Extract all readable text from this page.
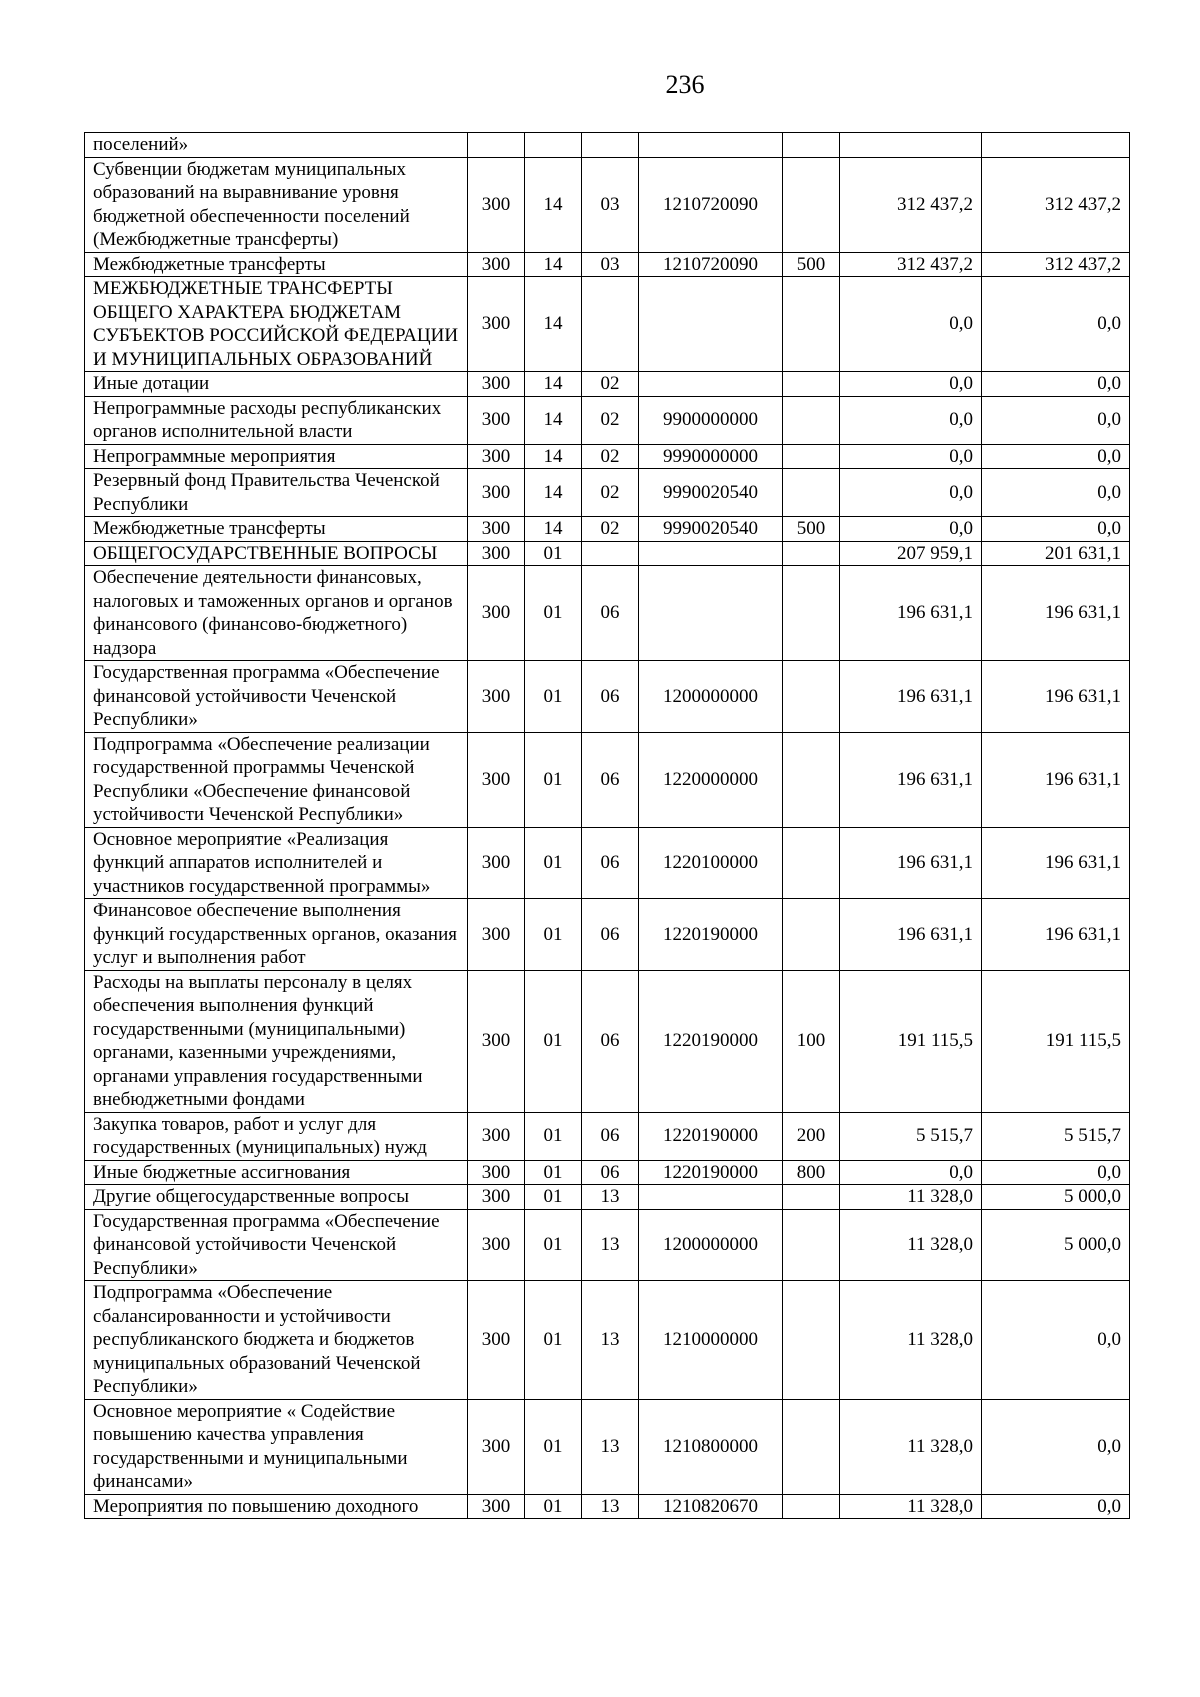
236
поселений»							
Субвенции бюджетам муниципальных образований на выравнивание уровня бюджетной обеспеченности поселений (Межбюджетные трансферты)	300	14	03	1210720090		312 437,2	312 437,2
Межбюджетные трансферты	300	14	03	1210720090	500	312 437,2	312 437,2
МЕЖБЮДЖЕТНЫЕ ТРАНСФЕРТЫ ОБЩЕГО ХАРАКТЕРА БЮДЖЕТАМ СУБЪЕКТОВ РОССИЙСКОЙ ФЕДЕРАЦИИ И МУНИЦИПАЛЬНЫХ ОБРАЗОВАНИЙ	300	14				0,0	0,0
Иные дотации	300	14	02			0,0	0,0
Непрограммные расходы республиканских органов исполнительной власти	300	14	02	9900000000		0,0	0,0
Непрограммные мероприятия	300	14	02	9990000000		0,0	0,0
Резервный фонд Правительства Чеченской Республики	300	14	02	9990020540		0,0	0,0
Межбюджетные трансферты	300	14	02	9990020540	500	0,0	0,0
ОБЩЕГОСУДАРСТВЕННЫЕ ВОПРОСЫ	300	01				207 959,1	201 631,1
Обеспечение деятельности финансовых, налоговых и таможенных органов и органов финансового (финансово-бюджетного) надзора	300	01	06			196 631,1	196 631,1
Государственная программа «Обеспечение финансовой устойчивости Чеченской Республики»	300	01	06	1200000000		196 631,1	196 631,1
Подпрограмма «Обеспечение реализации государственной программы Чеченской Республики «Обеспечение финансовой устойчивости Чеченской Республики»	300	01	06	1220000000		196 631,1	196 631,1
Основное мероприятие «Реализация функций аппаратов исполнителей и участников государственной программы»	300	01	06	1220100000		196 631,1	196 631,1
Финансовое обеспечение выполнения функций государственных органов, оказания услуг и выполнения работ	300	01	06	1220190000		196 631,1	196 631,1
Расходы на выплаты персоналу в целях обеспечения выполнения функций государственными (муниципальными) органами, казенными учреждениями, органами управления государственными внебюджетными фондами	300	01	06	1220190000	100	191 115,5	191 115,5
Закупка товаров, работ и услуг для государственных (муниципальных) нужд	300	01	06	1220190000	200	5 515,7	5 515,7
Иные бюджетные ассигнования	300	01	06	1220190000	800	0,0	0,0
Другие общегосударственные вопросы	300	01	13			11 328,0	5 000,0
Государственная программа «Обеспечение финансовой устойчивости Чеченской Республики»	300	01	13	1200000000		11 328,0	5 000,0
Подпрограмма «Обеспечение сбалансированности и устойчивости республиканского бюджета и бюджетов муниципальных образований Чеченской Республики»	300	01	13	1210000000		11 328,0	0,0
Основное мероприятие « Содействие повышению качества управления государственными и муниципальными финансами»	300	01	13	1210800000		11 328,0	0,0
Мероприятия по повышению доходного	300	01	13	1210820670		11 328,0	0,0
